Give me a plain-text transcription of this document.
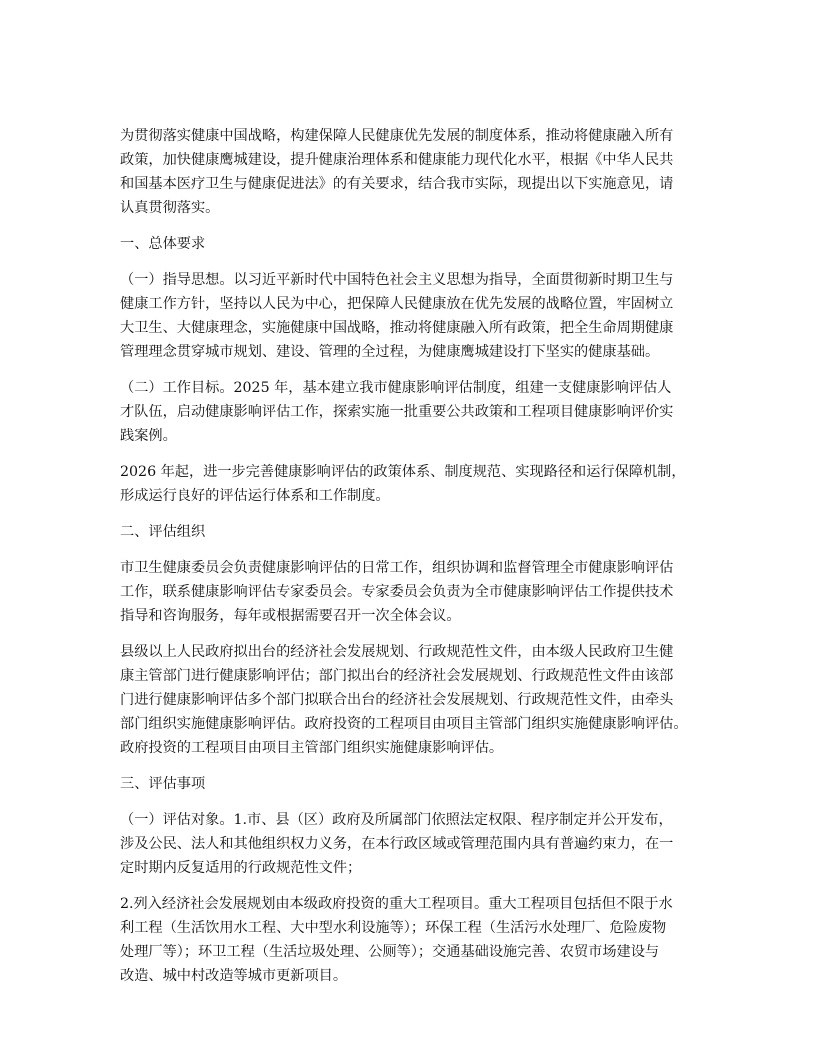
为贯彻落实健康中国战略，构建保障人民健康优先发展的制度体系，推动将健康融入所有
政策，加快健康鹰城建设，提升健康治理体系和健康能力现代化水平，根据《中华人民共
和国基本医疗卫生与健康促进法》的有关要求，结合我市实际，现提出以下实施意见，请
认真贯彻落实。

一、总体要求

（一）指导思想。以习近平新时代中国特色社会主义思想为指导，全面贯彻新时期卫生与
健康工作方针，坚持以人民为中心，把保障人民健康放在优先发展的战略位置，牢固树立
大卫生、大健康理念，实施健康中国战略，推动将健康融入所有政策，把全生命周期健康
管理理念贯穿城市规划、建设、管理的全过程，为健康鹰城建设打下坚实的健康基础。

（二）工作目标。2025 年，基本建立我市健康影响评估制度，组建一支健康影响评估人
才队伍，启动健康影响评估工作，探索实施一批重要公共政策和工程项目健康影响评价实
践案例。

2026 年起，进一步完善健康影响评估的政策体系、制度规范、实现路径和运行保障机制，
形成运行良好的评估运行体系和工作制度。

二、评估组织

市卫生健康委员会负责健康影响评估的日常工作，组织协调和监督管理全市健康影响评估
工作，联系健康影响评估专家委员会。专家委员会负责为全市健康影响评估工作提供技术
指导和咨询服务，每年或根据需要召开一次全体会议。

县级以上人民政府拟出台的经济社会发展规划、行政规范性文件，由本级人民政府卫生健
康主管部门进行健康影响评估；部门拟出台的经济社会发展规划、行政规范性文件由该部
门进行健康影响评估多个部门拟联合出台的经济社会发展规划、行政规范性文件，由牵头
部门组织实施健康影响评估。政府投资的工程项目由项目主管部门组织实施健康影响评估。
政府投资的工程项目由项目主管部门组织实施健康影响评估。

三、评估事项

（一）评估对象。1.市、县（区）政府及所属部门依照法定权限、程序制定并公开发布，
涉及公民、法人和其他组织权力义务，在本行政区域或管理范围内具有普遍约束力，在一
定时期内反复适用的行政规范性文件；

2.列入经济社会发展规划由本级政府投资的重大工程项目。重大工程项目包括但不限于水
利工程（生活饮用水工程、大中型水利设施等）；环保工程（生活污水处理厂、危险废物
处理厂等）；环卫工程（生活垃圾处理、公厕等）；交通基础设施完善、农贸市场建设与
改造、城中村改造等城市更新项目。
